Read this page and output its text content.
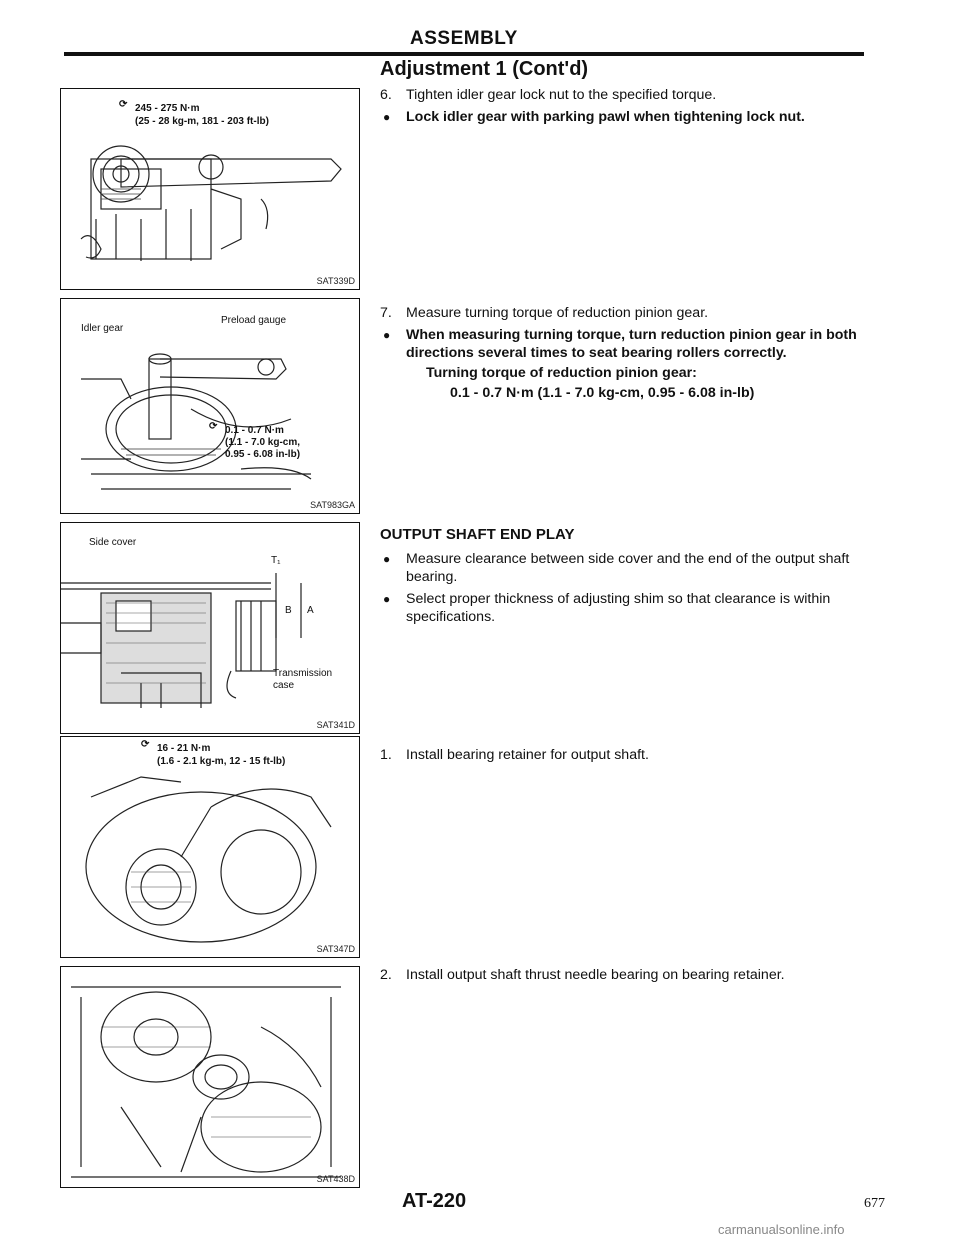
ASSEMBLY
Adjustment 1 (Cont'd)
⟳ 245 - 275 N·m
(25 - 28 kg-m, 181 - 203 ft-lb)
SAT339D
Idler gear
Preload gauge
⟳ 0.1 - 0.7 N·m
(1.1 - 7.0 kg-cm,
0.95 - 6.08 in-lb)
SAT983GA
Side cover
T₁
B A
Transmission
case
SAT341D
⟳ 16 - 21 N·m
(1.6 - 2.1 kg-m, 12 - 15 ft-lb)
SAT347D
SAT438D
6. Tighten idler gear lock nut to the specified torque.
● Lock idler gear with parking pawl when tightening lock nut.
7. Measure turning torque of reduction pinion gear.
● When measuring turning torque, turn reduction pinion gear in both directions several times to seat bearing rollers correctly.
Turning torque of reduction pinion gear:
0.1 - 0.7 N·m (1.1 - 7.0 kg-cm, 0.95 - 6.08 in-lb)
OUTPUT SHAFT END PLAY
● Measure clearance between side cover and the end of the output shaft bearing.
● Select proper thickness of adjusting shim so that clearance is within specifications.
1. Install bearing retainer for output shaft.
2. Install output shaft thrust needle bearing on bearing retainer.
AT-220	677
carmanualsonline.info
